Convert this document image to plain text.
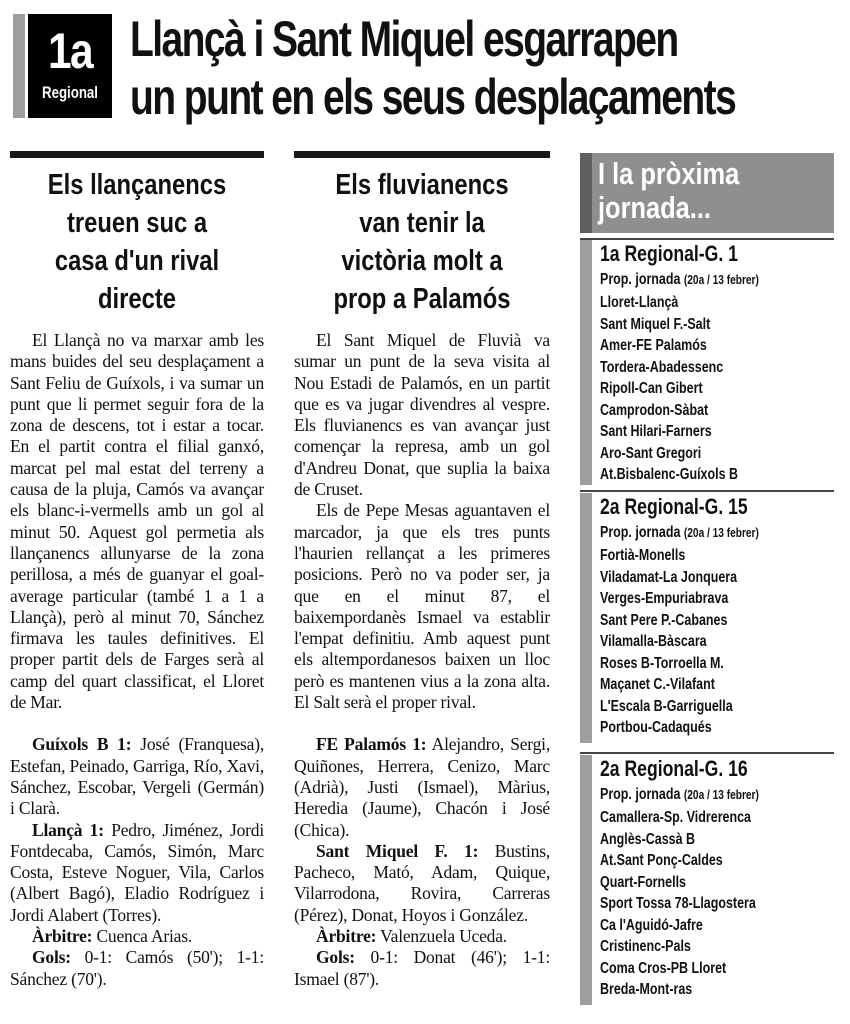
1a
Regional
Llançà i Sant Miquel esgarrapen
un punt en els seus desplaçaments
Els llançanencs
treuen suc a
casa d'un rival
directe

El Llançà no va marxar amb les mans buides del seu desplaçament a Sant Feliu de Guíxols, i va sumar un punt que li permet seguir fora de la zona de descens, tot i estar a tocar. En el partit contra el filial ganxó, marcat pel mal estat del terreny a causa de la pluja, Camós va avançar els blanc-i-vermells amb un gol al minut 50. Aquest gol permetia als llançanencs allunyarse de la zona perillosa, a més de guanyar el goal-average particular (també 1 a 1 a Llançà), però al minut 70, Sánchez firmava les taules definitives. El proper partit dels de Farges serà al camp del quart classificat, el Lloret de Mar.

Guíxols B 1: José (Franquesa), Estefan, Peinado, Garriga, Río, Xavi, Sánchez, Escobar, Vergeli (Germán) i Clarà.

Llançà 1: Pedro, Jiménez, Jordi Fontdecaba, Camós, Simón, Marc Costa, Esteve Noguer, Vila, Carlos (Albert Bagó), Eladio Rodríguez i Jordi Alabert (Torres).

Àrbitre: Cuenca Arias.

Gols: 0-1: Camós (50'); 1-1: Sánchez (70').

Els fluvianencs
van tenir la
victòria molt a
prop a Palamós

El Sant Miquel de Fluvià va sumar un punt de la seva visita al Nou Estadi de Palamós, en un partit que es va jugar divendres al vespre. Els fluvianencs es van avançar just començar la represa, amb un gol d'Andreu Donat, que suplia la baixa de Cruset.

Els de Pepe Mesas aguantaven el marcador, ja que els tres punts l'haurien rellançat a les primeres posicions. Però no va poder ser, ja que en el minut 87, el baixempordanès Ismael va establir l'empat definitiu. Amb aquest punt els altempordanesos baixen un lloc però es mantenen vius a la zona alta. El Salt serà el proper rival.

FE Palamós 1: Alejandro, Sergi, Quiñones, Herrera, Cenizo, Marc (Adrià), Justi (Ismael), Màrius, Heredia (Jaume), Chacón i José (Chica).

Sant Miquel F. 1: Bustins, Pacheco, Mató, Adam, Quique, Vilarrodona, Rovira, Carreras (Pérez), Donat, Hoyos i González.

Àrbitre: Valenzuela Uceda.

Gols: 0-1: Donat (46'); 1-1: Ismael (87').

I la pròxima
jornada...
1a Regional-G. 1
Prop. jornada (20a / 13 febrer)
Lloret-Llançà
Sant Miquel F.-Salt
Amer-FE Palamós
Tordera-Abadessenc
Ripoll-Can Gibert
Camprodon-Sàbat
Sant Hilari-Farners
Aro-Sant Gregori
At.Bisbalenc-Guíxols B
2a Regional-G. 15
Prop. jornada (20a / 13 febrer)
Fortià-Monells
Viladamat-La Jonquera
Verges-Empuriabrava
Sant Pere P.-Cabanes
Vilamalla-Bàscara
Roses B-Torroella M.
Maçanet C.-Vilafant
L'Escala B-Garriguella
Portbou-Cadaqués
2a Regional-G. 16
Prop. jornada (20a / 13 febrer)
Camallera-Sp. Vidrerenca
Anglès-Cassà B
At.Sant Ponç-Caldes
Quart-Fornells
Sport Tossa 78-Llagostera
Ca l'Aguidó-Jafre
Cristinenc-Pals
Coma Cros-PB Lloret
Breda-Mont-ras
